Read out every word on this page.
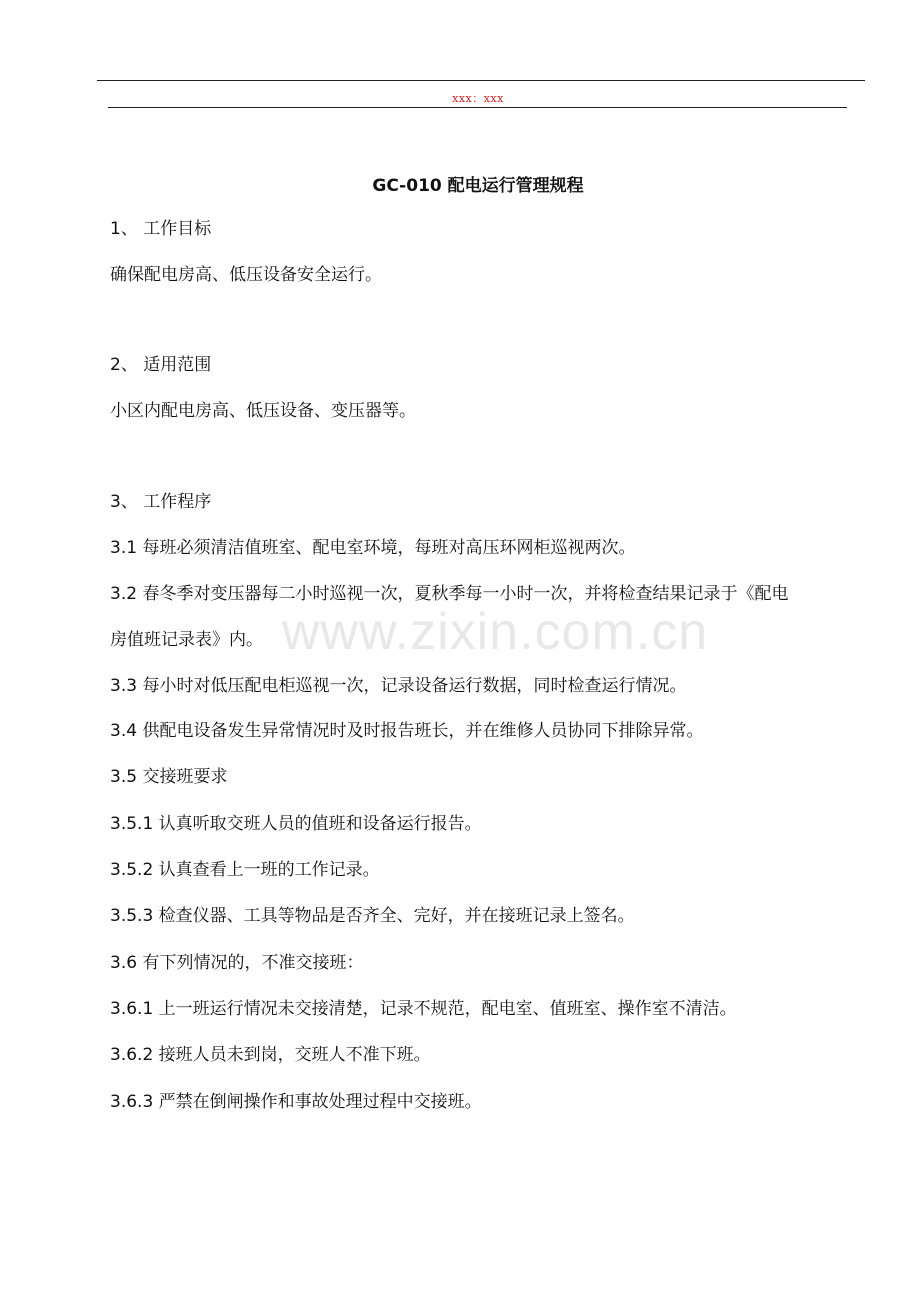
xxx：xxx
GC-010 配电运行管理规程
1、 工作目标
确保配电房高、低压设备安全运行。
2、 适用范围
小区内配电房高、低压设备、变压器等。
3、 工作程序
3.1 每班必须清洁值班室、配电室环境，每班对高压环网柜巡视两次。
3.2 春冬季对变压器每二小时巡视一次，夏秋季每一小时一次，并将检查结果记录于《配电
房值班记录表》内。
3.3 每小时对低压配电柜巡视一次，记录设备运行数据，同时检查运行情况。
3.4 供配电设备发生异常情况时及时报告班长，并在维修人员协同下排除异常。
3.5 交接班要求
3.5.1 认真听取交班人员的值班和设备运行报告。
3.5.2 认真查看上一班的工作记录。
3.5.3 检查仪器、工具等物品是否齐全、完好，并在接班记录上签名。
3.6 有下列情况的，不准交接班：
3.6.1 上一班运行情况未交接清楚，记录不规范，配电室、值班室、操作室不清洁。
3.6.2 接班人员未到岗，交班人不准下班。
3.6.3 严禁在倒闸操作和事故处理过程中交接班。
www.zixin.com.cn
